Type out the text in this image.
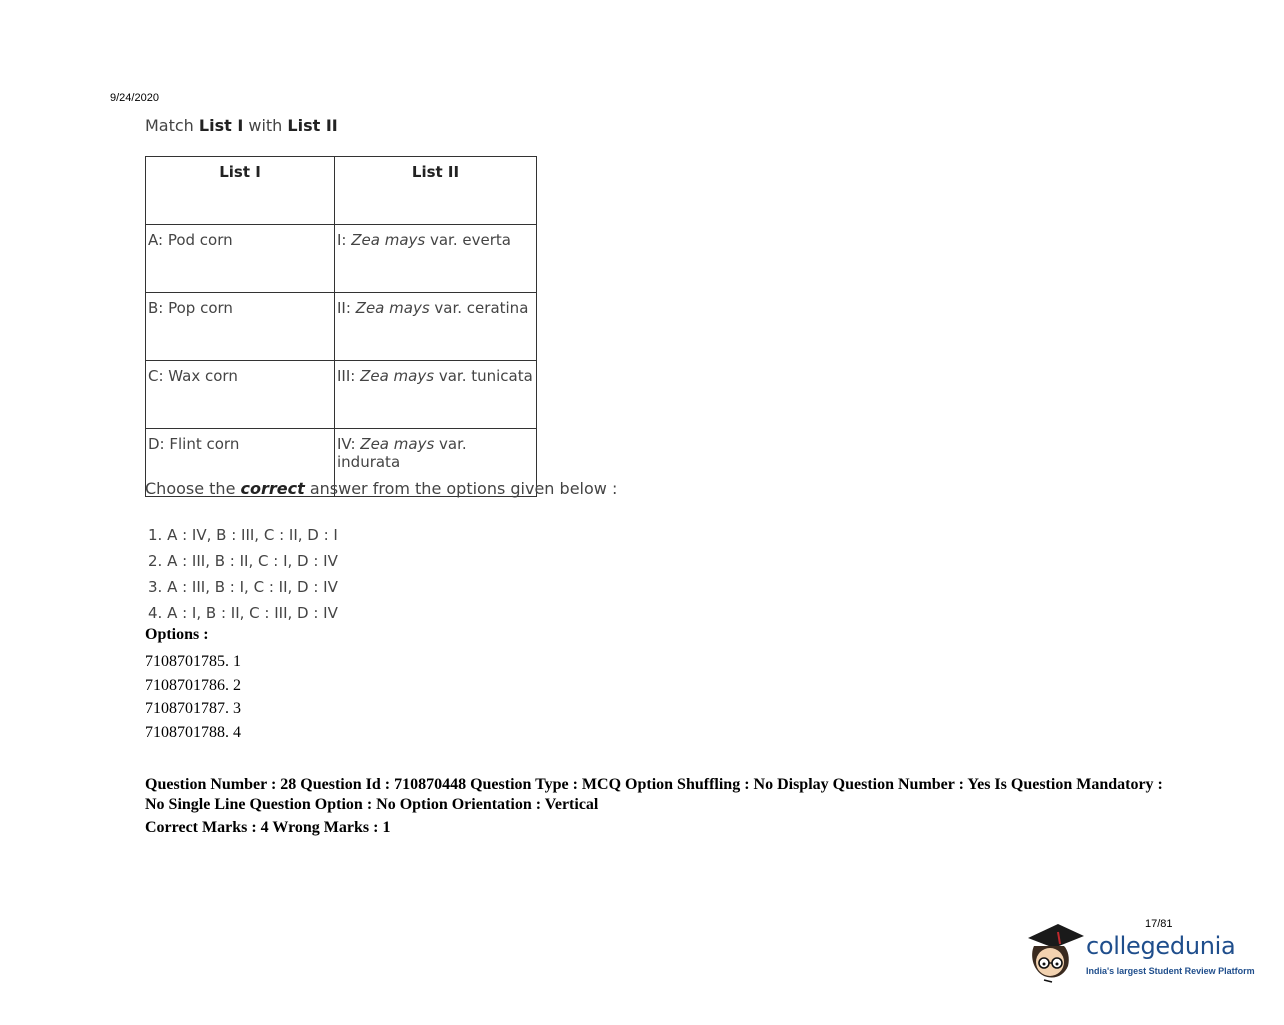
9/24/2020
Match List I with List II
List I	List II
A: Pod corn	I: Zea mays var. everta
B: Pop corn	II: Zea mays var. ceratina
C: Wax corn	III: Zea mays var. tunicata
D: Flint corn	IV: Zea mays var. indurata
Choose the correct answer from the options given below :
1. A : IV, B : III, C : II, D : I
2. A : III, B : II, C : I, D : IV
3. A : III, B : I, C : II, D : IV
4. A : I, B : II, C : III, D : IV
Options :
7108701785. 1
7108701786. 2
7108701787. 3
7108701788. 4
Question Number : 28 Question Id : 710870448 Question Type : MCQ Option Shuffling : No Display Question Number : Yes Is Question Mandatory : No Single Line Question Option : No Option Orientation : Vertical
Correct Marks : 4 Wrong Marks : 1
17/81
collegedunia
India's largest Student Review Platform
